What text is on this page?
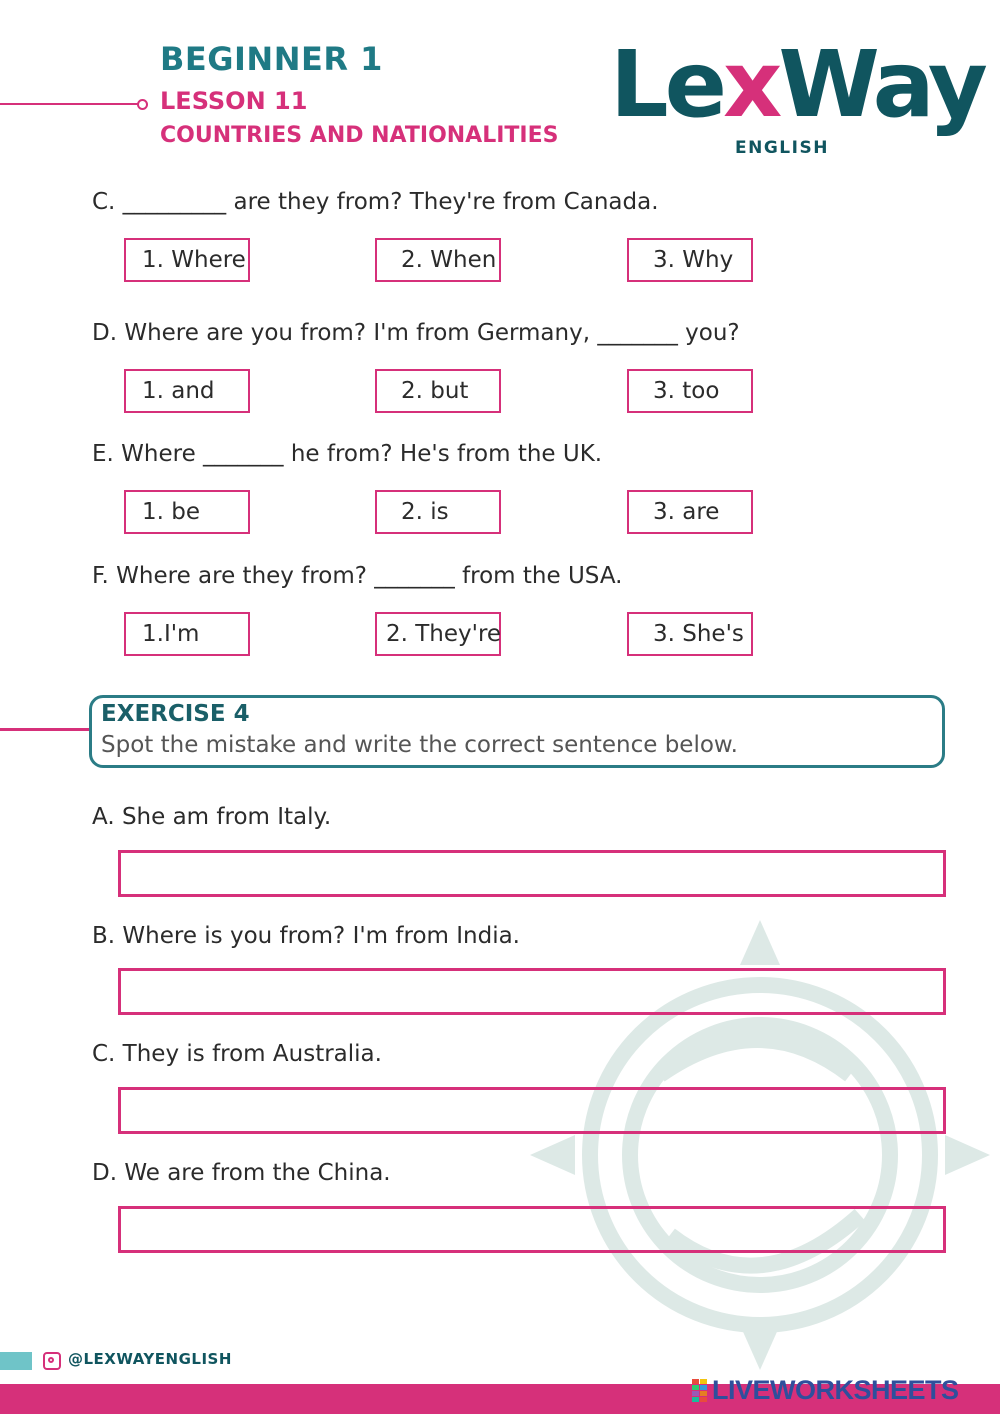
BEGINNER 1
LESSON 11
COUNTRIES AND NATIONALITIES LexWay
ENGLISH
C. _________ are they from? They're from Canada.
1. Where	2. When	3. Why
D. Where are you from? I'm from Germany, _______ you?
1. and	2. but	3. too
E. Where _______ he from? He's from the UK.
1. be	2. is	3. are
F. Where are they from? _______ from the USA.
1.I'm	2. They're	3. She's
EXERCISE 4
Spot the mistake and write the correct sentence below.
A. She am from Italy.
B. Where is you from? I'm from India.
C. They is from Australia.
D. We are from the China.
@LEXWAYENGLISH
LIVEWORKSHEETS
